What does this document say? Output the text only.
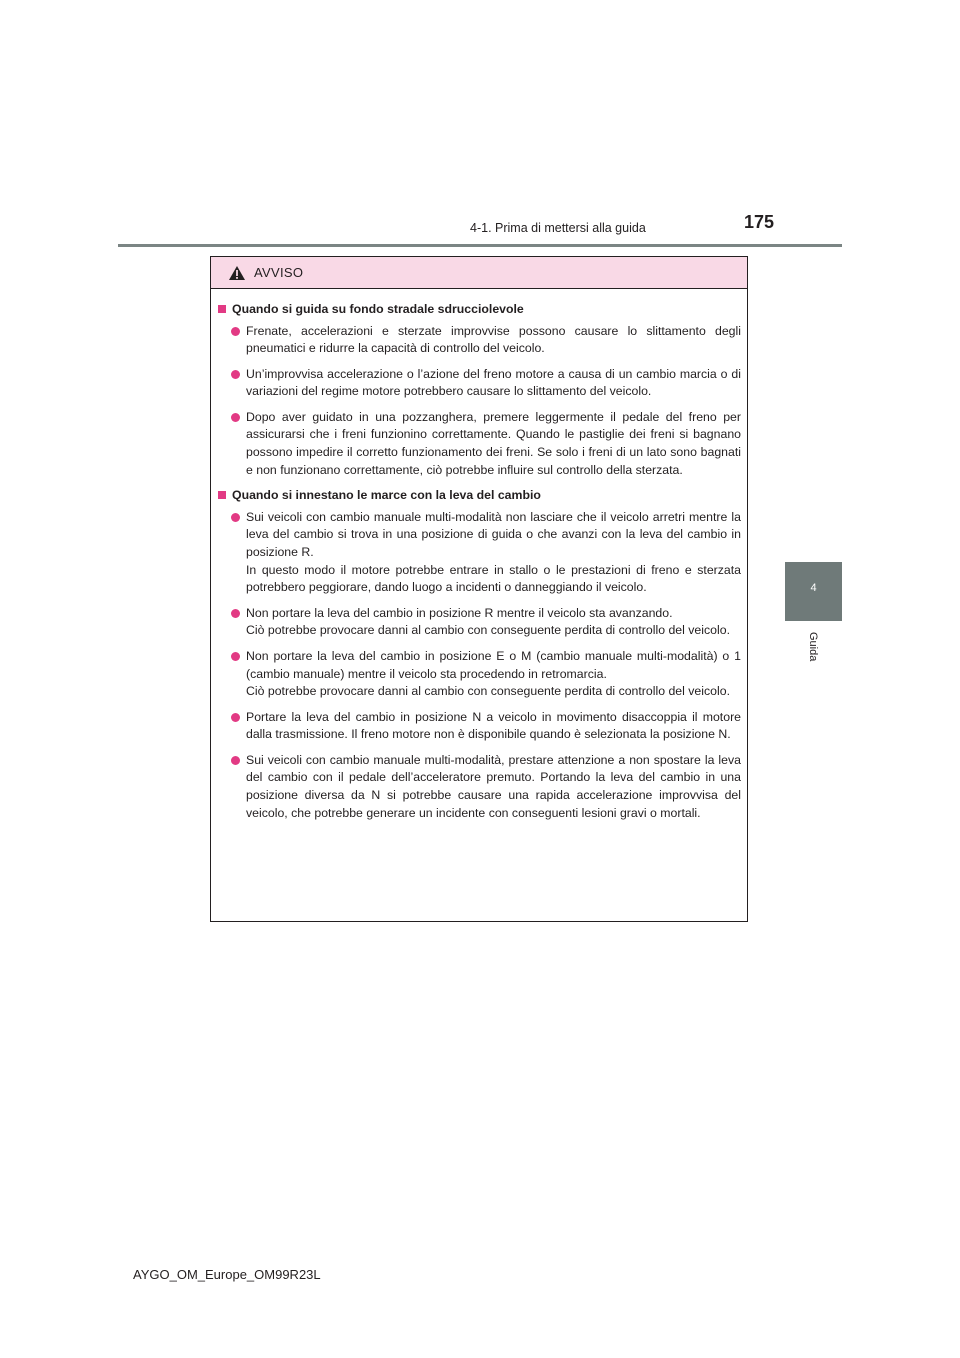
4-1. Prima di mettersi alla guida	175
4
Guida
AVVISO
Quando si guida su fondo stradale sdrucciolevole
Frenate, accelerazioni e sterzate improvvise possono causare lo slittamento degli pneumatici e ridurre la capacità di controllo del veicolo.
Un’improvvisa accelerazione o l’azione del freno motore a causa di un cambio marcia o di variazioni del regime motore potrebbero causare lo slittamento del veicolo.
Dopo aver guidato in una pozzanghera, premere leggermente il pedale del freno per assicurarsi che i freni funzionino correttamente. Quando le pastiglie dei freni si bagnano possono impedire il corretto funzionamento dei freni. Se solo i freni di un lato sono bagnati e non funzionano correttamente, ciò potrebbe influire sul controllo della sterzata.
Quando si innestano le marce con la leva del cambio
Sui veicoli con cambio manuale multi-modalità non lasciare che il veicolo arretri mentre la leva del cambio si trova in una posizione di guida o che avanzi con la leva del cambio in posizione R.
In questo modo il motore potrebbe entrare in stallo o le prestazioni di freno e sterzata potrebbero peggiorare, dando luogo a incidenti o danneggiando il veicolo.
Non portare la leva del cambio in posizione R mentre il veicolo sta avanzando.
Ciò potrebbe provocare danni al cambio con conseguente perdita di controllo del veicolo.
Non portare la leva del cambio in posizione E o M (cambio manuale multi-modalità) o 1 (cambio manuale) mentre il veicolo sta procedendo in retromarcia.
Ciò potrebbe provocare danni al cambio con conseguente perdita di controllo del veicolo.
Portare la leva del cambio in posizione N a veicolo in movimento disaccoppia il motore dalla trasmissione. Il freno motore non è disponibile quando è selezionata la posizione N.
Sui veicoli con cambio manuale multi-modalità, prestare attenzione a non spostare la leva del cambio con il pedale dell’acceleratore premuto. Portando la leva del cambio in una posizione diversa da N si potrebbe causare una rapida accelerazione improvvisa del veicolo, che potrebbe generare un incidente con conseguenti lesioni gravi o mortali.
AYGO_OM_Europe_OM99R23L
